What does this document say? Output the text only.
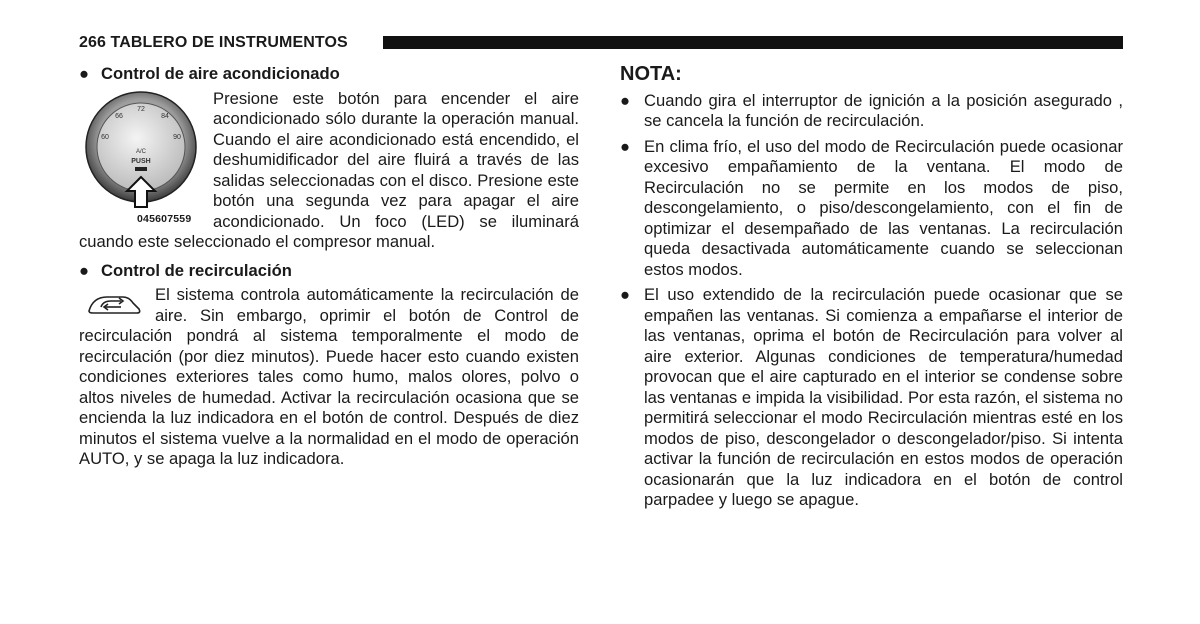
266 TABLERO DE INSTRUMENTOS
● Control de aire acondicionado
66
72
84
60	90
A/C
PUSH
045607559

Presione este botón para encender el aire acondicionado sólo durante la operación manual. Cuando el aire acondicionado está encendido, el deshumidificador del aire fluirá a través de las salidas seleccionadas con el disco. Presione este botón una segunda vez para apagar el aire acondicionado. Un foco (LED) se iluminará cuando este seleccionado el compresor manual.

● Control de recirculación

El sistema controla automáticamente la recirculación de aire. Sin embargo, oprimir el botón de Control de recirculación pondrá al sistema temporalmente el modo de recirculación (por diez minutos). Puede hacer esto cuando existen condiciones exteriores tales como humo, malos olores, polvo o altos niveles de humedad. Activar la recirculación ocasiona que se encienda la luz indicadora en el botón de control. Después de diez minutos el sistema vuelve a la normalidad en el modo de operación AUTO, y se apaga la luz indicadora.

NOTA:
● Cuando gira el interruptor de ignición a la posición asegurado , se cancela la función de recirculación.

● En clima frío, el uso del modo de Recirculación puede ocasionar excesivo empañamiento de la ventana. El modo de Recirculación no se permite en los modos de piso, descongelamiento, o piso/descongelamiento, con el fin de optimizar el desempañado de las ventanas. La recirculación queda desactivada automáticamente cuando se seleccionan estos modos.

● El uso extendido de la recirculación puede ocasionar que se empañen las ventanas. Si comienza a empañarse el interior de las ventanas, oprima el botón de Recirculación para volver al aire exterior. Algunas condiciones de temperatura/humedad provocan que el aire capturado en el interior se condense sobre las ventanas e impida la visibilidad. Por esta razón, el sistema no permitirá seleccionar el modo Recirculación mientras esté en los modos de piso, descongelador o descongelador/piso. Si intenta activar la función de recirculación en estos modos de operación ocasionarán que la luz indicadora en el botón de control parpadee y luego se apague.
